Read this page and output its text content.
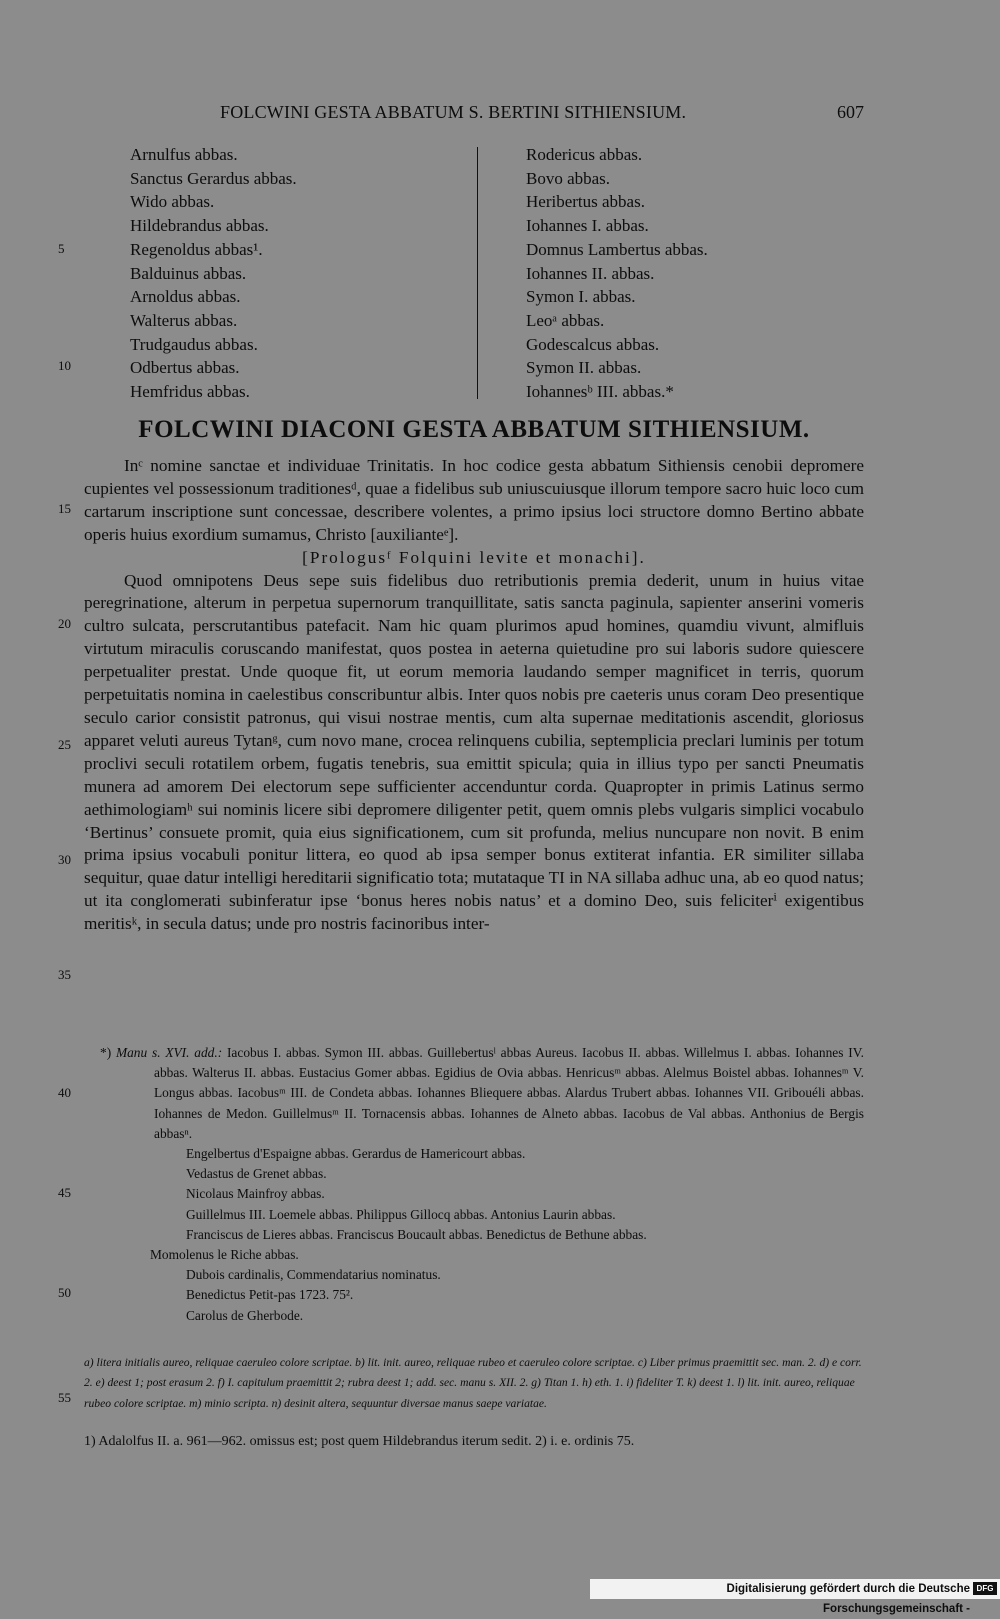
FOLCWINI GESTA ABBATUM S. BERTINI SITHIENSIUM.	607
Arnulfus abbas.
Sanctus Gerardus abbas.
Wido abbas.
Hildebrandus abbas.
Regenoldus abbas¹.
Balduinus abbas.
Arnoldus abbas.
Walterus abbas.
Trudgaudus abbas.
Odbertus abbas.
Hemfridus abbas.
Rodericus abbas.
Bovo abbas.
Heribertus abbas.
Iohannes I. abbas.
Domnus Lambertus abbas.
Iohannes II. abbas.
Symon I. abbas.
Leoᵃ abbas.
Godescalcus abbas.
Symon II. abbas.
Iohannesᵇ III. abbas.*
FOLCWINI DIACONI GESTA ABBATUM SITHIENSIUM.

Inᶜ nomine sanctae et individuae Trinitatis. In hoc codice gesta abbatum Sithiensis cenobii depromere cupientes vel possessionum traditionesᵈ, quae a fidelibus sub uniuscuiusque illorum tempore sacro huic loco cum cartarum inscriptione sunt concessae, describere volentes, a primo ipsius loci structore domno Bertino abbate operis huius exordium sumamus, Christo [auxilianteᵉ].

[Prologusᶠ Folquini levite et monachi].

Quod omnipotens Deus sepe suis fidelibus duo retributionis premia dederit, unum in huius vitae peregrinatione, alterum in perpetua supernorum tranquillitate, satis sancta paginula, sapienter anserini vomeris cultro sulcata, perscrutantibus patefacit. Nam hic quam plurimos apud homines, quamdiu vivunt, almifluis virtutum miraculis coruscando manifestat, quos postea in aeterna quietudine pro sui laboris sudore quiescere perpetualiter prestat. Unde quoque fit, ut eorum memoria laudando semper magnificet in terris, quorum perpetuitatis nomina in caelestibus conscribuntur albis. Inter quos nobis pre caeteris unus coram Deo presentique seculo carior consistit patronus, qui visui nostrae mentis, cum alta supernae meditationis ascendit, gloriosus apparet veluti aureus Tytanᵍ, cum novo mane, crocea relinquens cubilia, septemplicia preclari luminis per totum proclivi seculi rotatilem orbem, fugatis tenebris, sua emittit spicula; quia in illius typo per sancti Pneumatis munera ad amorem Dei electorum sepe sufficienter accenduntur corda. Quapropter in primis Latinus sermo aethimologiamʰ sui nominis licere sibi depromere diligenter petit, quem omnis plebs vulgaris simplici vocabulo ‘Bertinus’ consuete promit, quia eius significationem, cum sit profunda, melius nuncupare non novit. B enim prima ipsius vocabuli ponitur littera, eo quod ab ipsa semper bonus extiterat infantia. ER similiter sillaba sequitur, quae datur intelligi hereditarii significatio tota; mutataque TI in NA sillaba adhuc una, ab eo quod natus; ut ita conglomerati subinferatur ipse ‘bonus heres nobis natus’ et a domino Deo, suis feliciterⁱ exigentibus meritisᵏ, in secula datus; unde pro nostris facinoribus inter-

*) Manu s. XVI. add.: Iacobus I. abbas. Symon III. abbas. Guillebertusˡ abbas Aureus. Iacobus II. abbas. Willelmus I. abbas. Iohannes IV. abbas. Walterus II. abbas. Eustacius Gomer abbas. Egidius de Ovia abbas. Henricusᵐ abbas. Alelmus Boistel abbas. Iohannesᵐ V. Longus abbas. Iacobusᵐ III. de Condeta abbas. Iohannes Bliequere abbas. Alardus Trubert abbas. Iohannes VII. Gribouéli abbas. Iohannes de Medon. Guillelmusᵐ II. Tornacensis abbas. Iohannes de Alneto abbas. Iacobus de Val abbas. Anthonius de Bergis abbasⁿ.

Engelbertus d'Espaigne abbas. Gerardus de Hamericourt abbas.

Vedastus de Grenet abbas.

Nicolaus Mainfroy abbas.

Guillelmus III. Loemele abbas. Philippus Gillocq abbas. Antonius Laurin abbas.

Franciscus de Lieres abbas. Franciscus Boucault abbas. Benedictus de Bethune abbas.

Momolenus le Riche abbas.

Dubois cardinalis, Commendatarius nominatus.

Benedictus Petit-pas 1723. 75².

Carolus de Gherbode.

a) litera initialis aureo, reliquae caeruleo colore scriptae. b) lit. init. aureo, reliquae rubeo et caeruleo colore scriptae. c) Liber primus praemittit sec. man. 2. d) e corr. 2. e) deest 1; post erasum 2. f) I. capitulum praemittit 2; rubra deest 1; add. sec. manu s. XII. 2. g) Titan 1. h) eth. 1. i) fideliter T. k) deest 1. l) lit. init. aureo, reliquae rubeo colore scriptae. m) minio scripta. n) desinit altera, sequuntur diversae manus saepe variatae.
1) Adalolfus II. a. 961—962. omissus est; post quem Hildebrandus iterum sedit. 2) i. e. ordinis 75.
5
10
15
20
25
30
35
40
45
50
55
Digitalisierung gefördert durch die Deutsche Forschungsgemeinschaft -
DFG
